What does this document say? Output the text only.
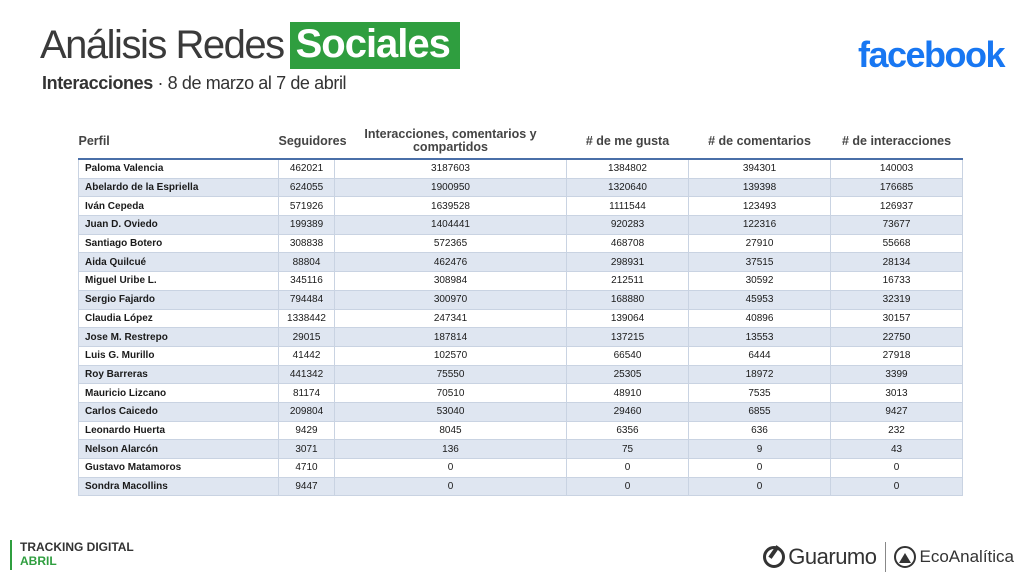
Análisis Redes Sociales
Interacciones · 8 de marzo al 7 de abril
facebook
Perfil	Seguidores	Interacciones, comentarios y compartidos	# de me gusta	# de comentarios	# de interacciones
Paloma Valencia	462021	3187603	1384802	394301	140003
Abelardo de la Espriella	624055	1900950	1320640	139398	176685
Iván Cepeda	571926	1639528	1111544	123493	126937
Juan D. Oviedo	199389	1404441	920283	122316	73677
Santiago Botero	308838	572365	468708	27910	55668
Aida Quilcué	88804	462476	298931	37515	28134
Miguel Uribe L.	345116	308984	212511	30592	16733
Sergio Fajardo	794484	300970	168880	45953	32319
Claudia López	1338442	247341	139064	40896	30157
Jose M. Restrepo	29015	187814	137215	13553	22750
Luis G. Murillo	41442	102570	66540	6444	27918
Roy Barreras	441342	75550	25305	18972	3399
Mauricio Lizcano	81174	70510	48910	7535	3013
Carlos Caicedo	209804	53040	29460	6855	9427
Leonardo Huerta	9429	8045	6356	636	232
Nelson Alarcón	3071	136	75	9	43
Gustavo Matamoros	4710	0	0	0	0
Sondra Macollins	9447	0	0	0	0
TRACKING DIGITAL
ABRIL	Guarumo	EcoAnalítica
